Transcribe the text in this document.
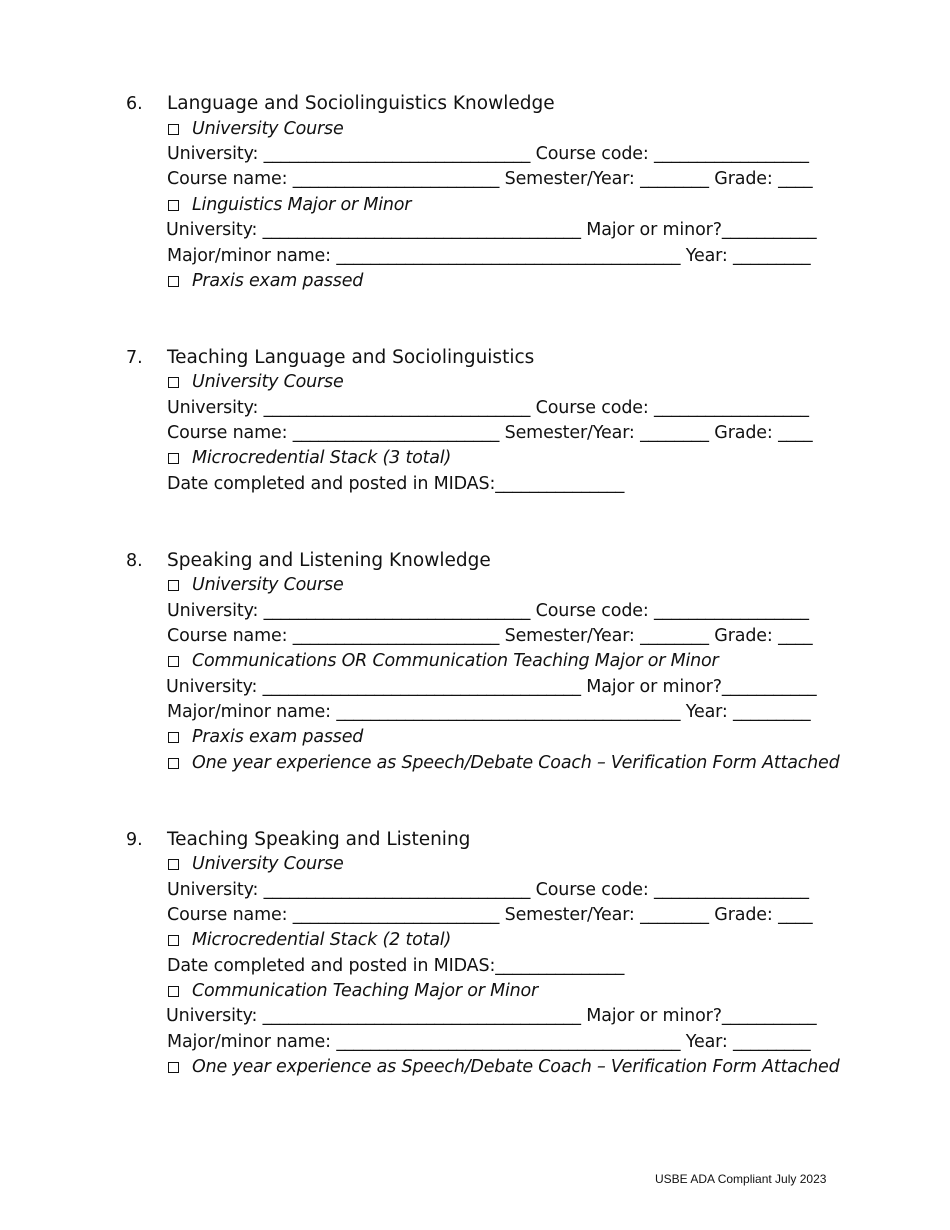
6. Language and Sociolinguistics Knowledge
University Course
University: _______________________________ Course code: __________________
Course name: ________________________ Semester/Year: ________ Grade: ____
Linguistics Major or Minor
University: _____________________________________ Major or minor?___________
Major/minor name: ________________________________________ Year: _________
Praxis exam passed
7. Teaching Language and Sociolinguistics
University Course
University: _______________________________ Course code: __________________
Course name: ________________________ Semester/Year: ________ Grade: ____
Microcredential Stack (3 total)
Date completed and posted in MIDAS:_______________
8. Speaking and Listening Knowledge
University Course
University: _______________________________ Course code: __________________
Course name: ________________________ Semester/Year: ________ Grade: ____
Communications OR Communication Teaching Major or Minor
University: _____________________________________ Major or minor?___________
Major/minor name: ________________________________________ Year: _________
Praxis exam passed
One year experience as Speech/Debate Coach – Verification Form Attached
9. Teaching Speaking and Listening
University Course
University: _______________________________ Course code: __________________
Course name: ________________________ Semester/Year: ________ Grade: ____
Microcredential Stack (2 total)
Date completed and posted in MIDAS:_______________
Communication Teaching Major or Minor
University: _____________________________________ Major or minor?___________
Major/minor name: ________________________________________ Year: _________
One year experience as Speech/Debate Coach – Verification Form Attached
USBE ADA Compliant July 2023
